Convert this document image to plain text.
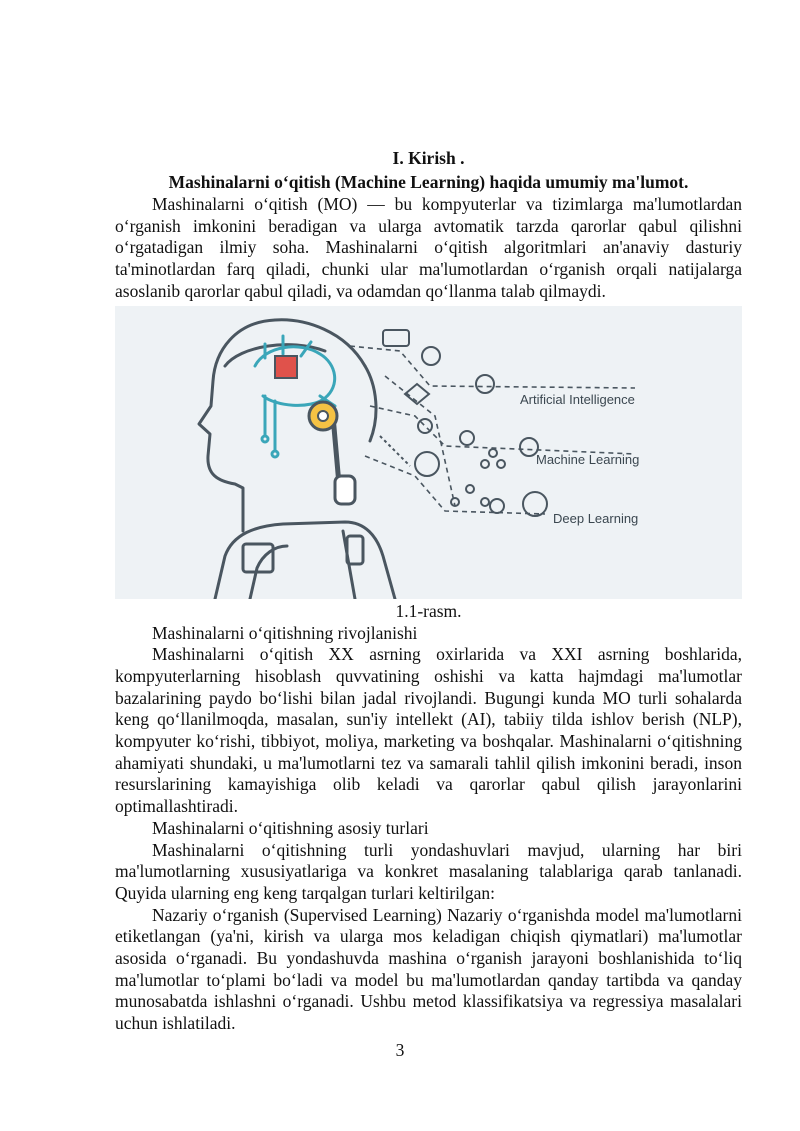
I. Kirish .
Mashinalarni o‘qitish (Machine Learning) haqida umumiy ma'lumot.

Mashinalarni o‘qitish (MO) — bu kompyuterlar va tizimlarga ma'lumotlardan o‘rganish imkonini beradigan va ularga avtomatik tarzda qarorlar qabul qilishni o‘rgatadigan ilmiy soha. Mashinalarni o‘qitish algoritmlari an'anaviy dasturiy ta'minotlardan farq qiladi, chunki ular ma'lumotlardan o‘rganish orqali natijalarga asoslanib qarorlar qabul qiladi, va odamdan qo‘llanma talab qilmaydi.

Artificial Intelligence
Machine Learning
Deep Learning
1.1-rasm.
Mashinalarni o‘qitishning rivojlanishi

Mashinalarni o‘qitish XX asrning oxirlarida va XXI asrning boshlarida, kompyuterlarning hisoblash quvvatining oshishi va katta hajmdagi ma'lumotlar bazalarining paydo bo‘lishi bilan jadal rivojlandi. Bugungi kunda MO turli sohalarda keng qo‘llanilmoqda, masalan, sun'iy intellekt (AI), tabiiy tilda ishlov berish (NLP), kompyuter ko‘rishi, tibbiyot, moliya, marketing va boshqalar. Mashinalarni o‘qitishning ahamiyati shundaki, u ma'lumotlarni tez va samarali tahlil qilish imkonini beradi, inson resurslarining kamayishiga olib keladi va qarorlar qabul qilish jarayonlarini optimallashtiradi.

Mashinalarni o‘qitishning asosiy turlari

Mashinalarni o‘qitishning turli yondashuvlari mavjud, ularning har biri ma'lumotlarning xususiyatlariga va konkret masalaning talablariga qarab tanlanadi. Quyida ularning eng keng tarqalgan turlari keltirilgan:

Nazariy o‘rganish (Supervised Learning) Nazariy o‘rganishda model ma'lumotlarni etiketlangan (ya'ni, kirish va ularga mos keladigan chiqish qiymatlari) ma'lumotlar asosida o‘rganadi. Bu yondashuvda mashina o‘rganish jarayoni boshlanishida to‘liq ma'lumotlar to‘plami bo‘ladi va model bu ma'lumotlardan qanday tartibda va qanday munosabatda ishlashni o‘rganadi. Ushbu metod klassifikatsiya va regressiya masalalari uchun ishlatiladi.

3
